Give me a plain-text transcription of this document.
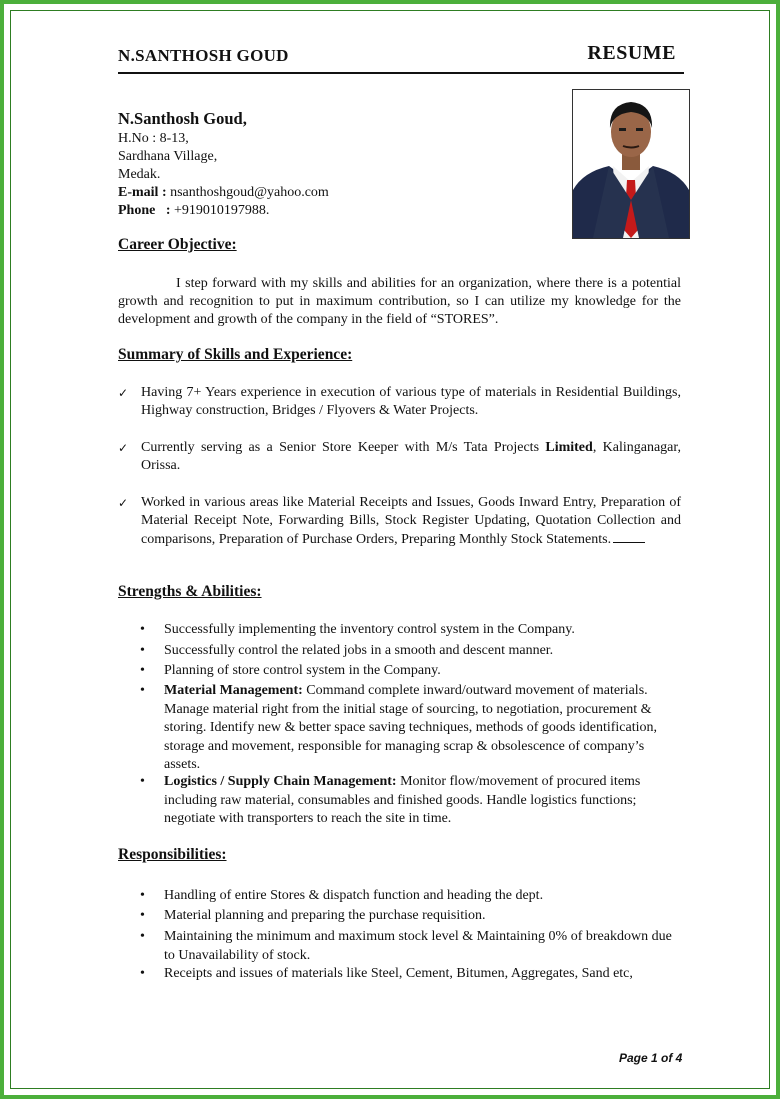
N.SANTHOSH GOUD	RESUME
N.Santhosh Goud,
H.No : 8-13,
Sardhana Village,
Medak.
E-mail : nsanthoshgoud@yahoo.com
Phone   : +919010197988.
Career Objective:
I step forward with my skills and abilities for an organization, where there is a potential growth and recognition to put in maximum contribution, so I can utilize my knowledge for the development and growth of the company in the field of “STORES”.
Summary of Skills and Experience:
✓ Having 7+ Years experience in execution of various type of materials in Residential Buildings, Highway construction, Bridges / Flyovers & Water Projects.
✓ Currently serving as a Senior Store Keeper with M/s Tata Projects Limited, Kalinganagar, Orissa.
✓ Worked in various areas like Material Receipts and Issues, Goods Inward Entry, Preparation of Material Receipt Note, Forwarding Bills, Stock Register Updating, Quotation Collection and comparisons, Preparation of Purchase Orders, Preparing Monthly Stock Statements.
Strengths & Abilities:
• Successfully implementing the inventory control system in the Company.
• Successfully control the related jobs in a smooth and descent manner.
• Planning of store control system in the Company.
• Material Management: Command complete inward/outward movement of materials. Manage material right from the initial stage of sourcing, to negotiation, procurement & storing. Identify new & better space saving techniques, methods of goods identification, storage and movement, responsible for managing scrap & obsolescence of company’s assets.
• Logistics / Supply Chain Management: Monitor flow/movement of procured items including raw material, consumables and finished goods. Handle logistics functions; negotiate with transporters to reach the site in time.
Responsibilities:
• Handling of entire Stores & dispatch function and heading the dept.
• Material planning and preparing the purchase requisition.
• Maintaining the minimum and maximum stock level & Maintaining 0% of breakdown due to Unavailability of stock.
• Receipts and issues of materials like Steel, Cement, Bitumen, Aggregates, Sand etc,
Page 1 of 4
